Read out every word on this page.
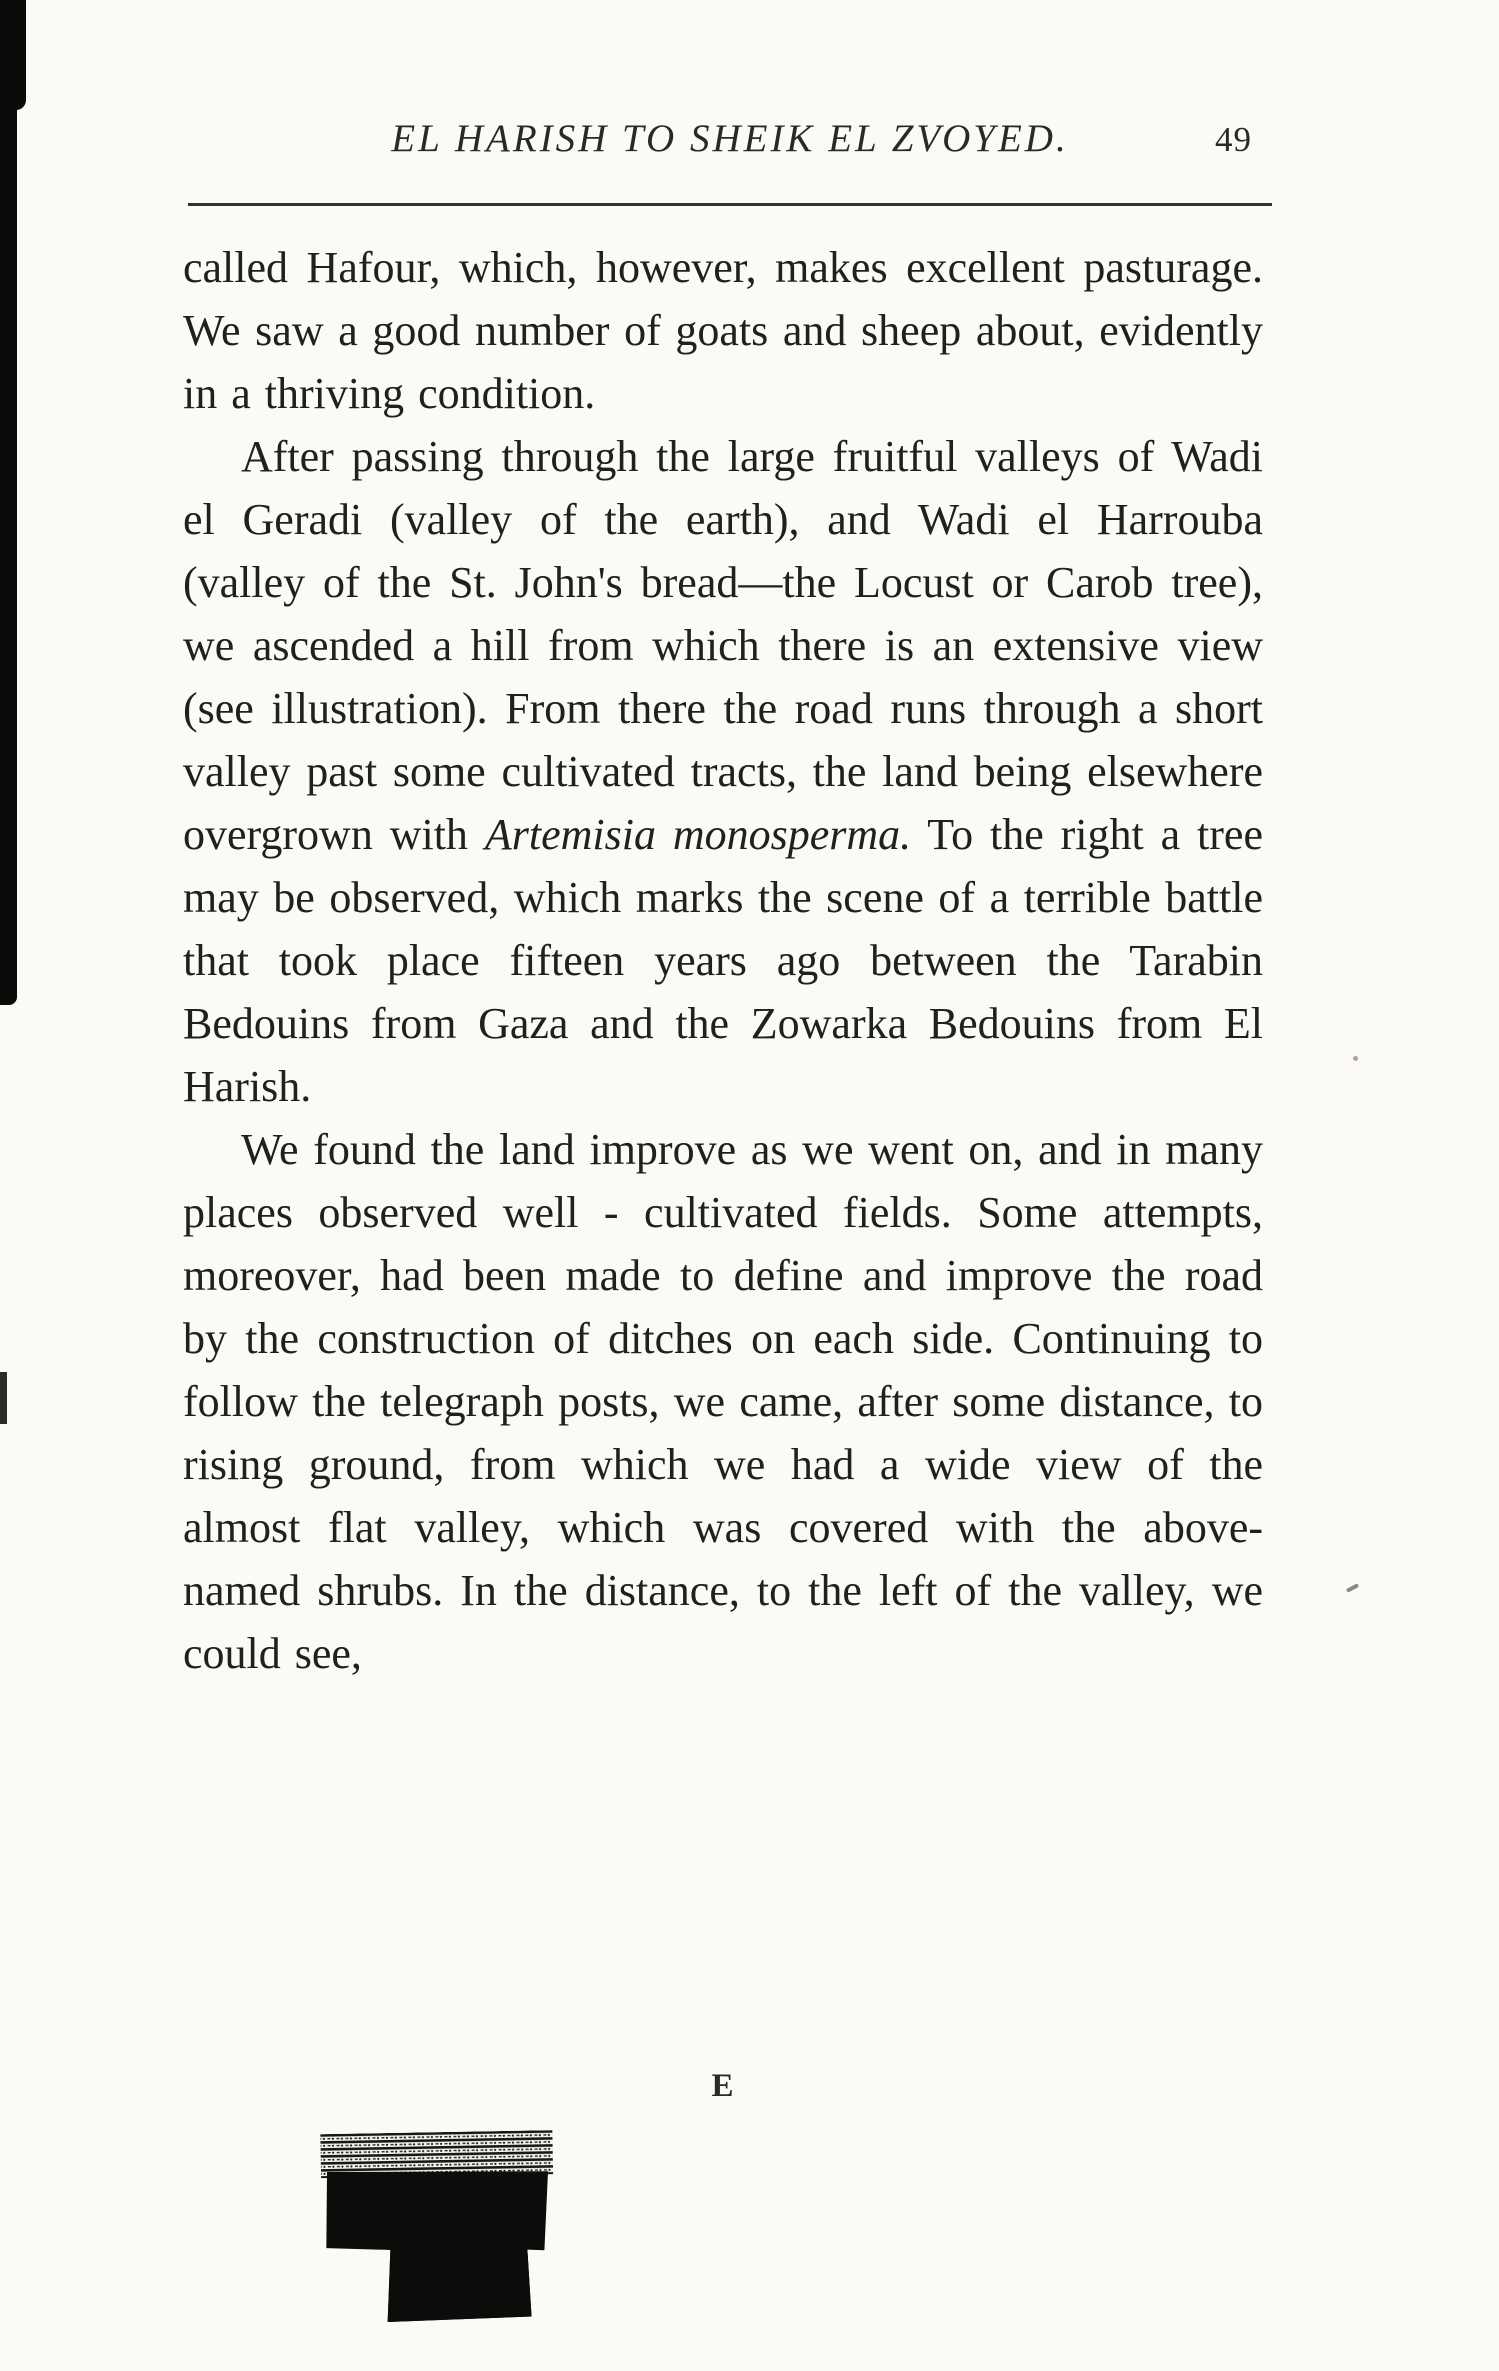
EL HARISH TO SHEIK EL ZVOYED.	49

called Hafour, which, however, makes excellent pasturage. We saw a good number of goats and sheep about, evidently in a thriving condition.

After passing through the large fruitful valleys of Wadi el Geradi (valley of the earth), and Wadi el Harrouba (valley of the St. John's bread—the Locust or Carob tree), we ascended a hill from which there is an extensive view (see illustration). From there the road runs through a short valley past some cultivated tracts, the land being elsewhere overgrown with Artemisia monosperma. To the right a tree may be observed, which marks the scene of a terrible battle that took place fifteen years ago between the Tarabin Bedouins from Gaza and the Zowarka Bedouins from El Harish.

We found the land improve as we went on, and in many places observed well - cultivated fields. Some attempts, moreover, had been made to define and improve the road by the construction of ditches on each side. Continuing to follow the telegraph posts, we came, after some distance, to rising ground, from which we had a wide view of the almost flat valley, which was covered with the above-named shrubs. In the distance, to the left of the valley, we could see,

E
